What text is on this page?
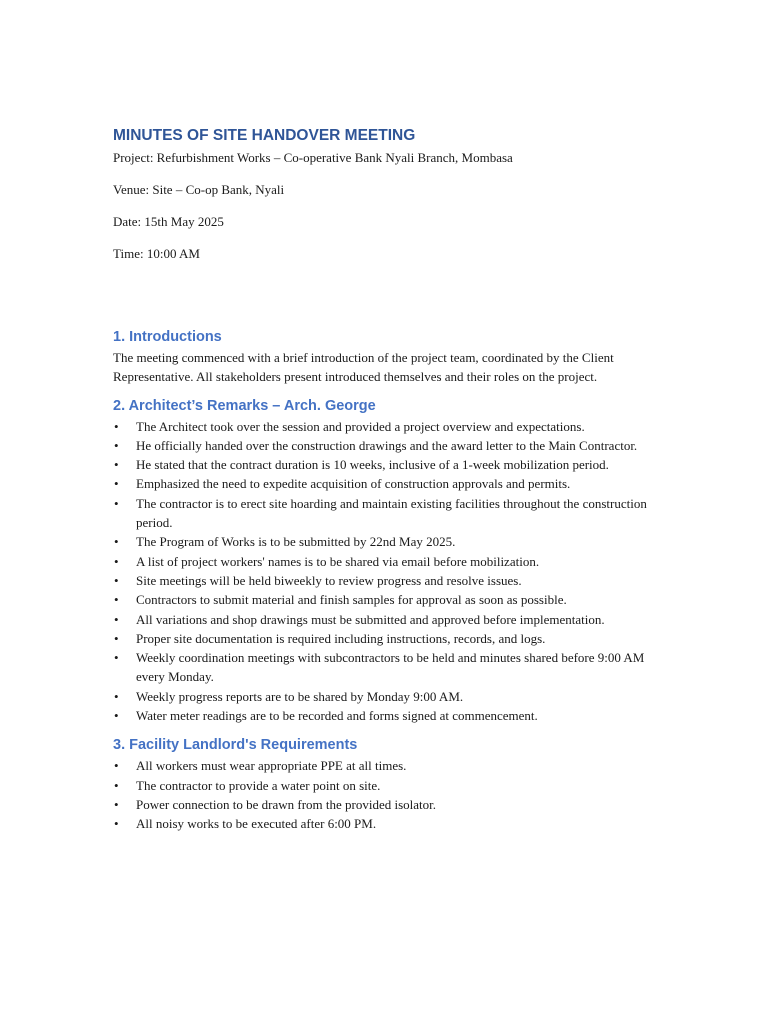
MINUTES OF SITE HANDOVER MEETING

Project: Refurbishment Works – Co-operative Bank Nyali Branch, Mombasa

Venue: Site – Co-op Bank, Nyali

Date: 15th May 2025

Time: 10:00 AM

1. Introductions

The meeting commenced with a brief introduction of the project team, coordinated by the Client Representative. All stakeholders present introduced themselves and their roles on the project.

2. Architect’s Remarks – Arch. George
• The Architect took over the session and provided a project overview and expectations.
• He officially handed over the construction drawings and the award letter to the Main Contractor.
• He stated that the contract duration is 10 weeks, inclusive of a 1-week mobilization period.
• Emphasized the need to expedite acquisition of construction approvals and permits.
• The contractor is to erect site hoarding and maintain existing facilities throughout the construction period.
• The Program of Works is to be submitted by 22nd May 2025.
• A list of project workers' names is to be shared via email before mobilization.
• Site meetings will be held biweekly to review progress and resolve issues.
• Contractors to submit material and finish samples for approval as soon as possible.
• All variations and shop drawings must be submitted and approved before implementation.
• Proper site documentation is required including instructions, records, and logs.
• Weekly coordination meetings with subcontractors to be held and minutes shared before 9:00 AM every Monday.
• Weekly progress reports are to be shared by Monday 9:00 AM.
• Water meter readings are to be recorded and forms signed at commencement.
3. Facility Landlord's Requirements
• All workers must wear appropriate PPE at all times.
• The contractor to provide a water point on site.
• Power connection to be drawn from the provided isolator.
• All noisy works to be executed after 6:00 PM.
